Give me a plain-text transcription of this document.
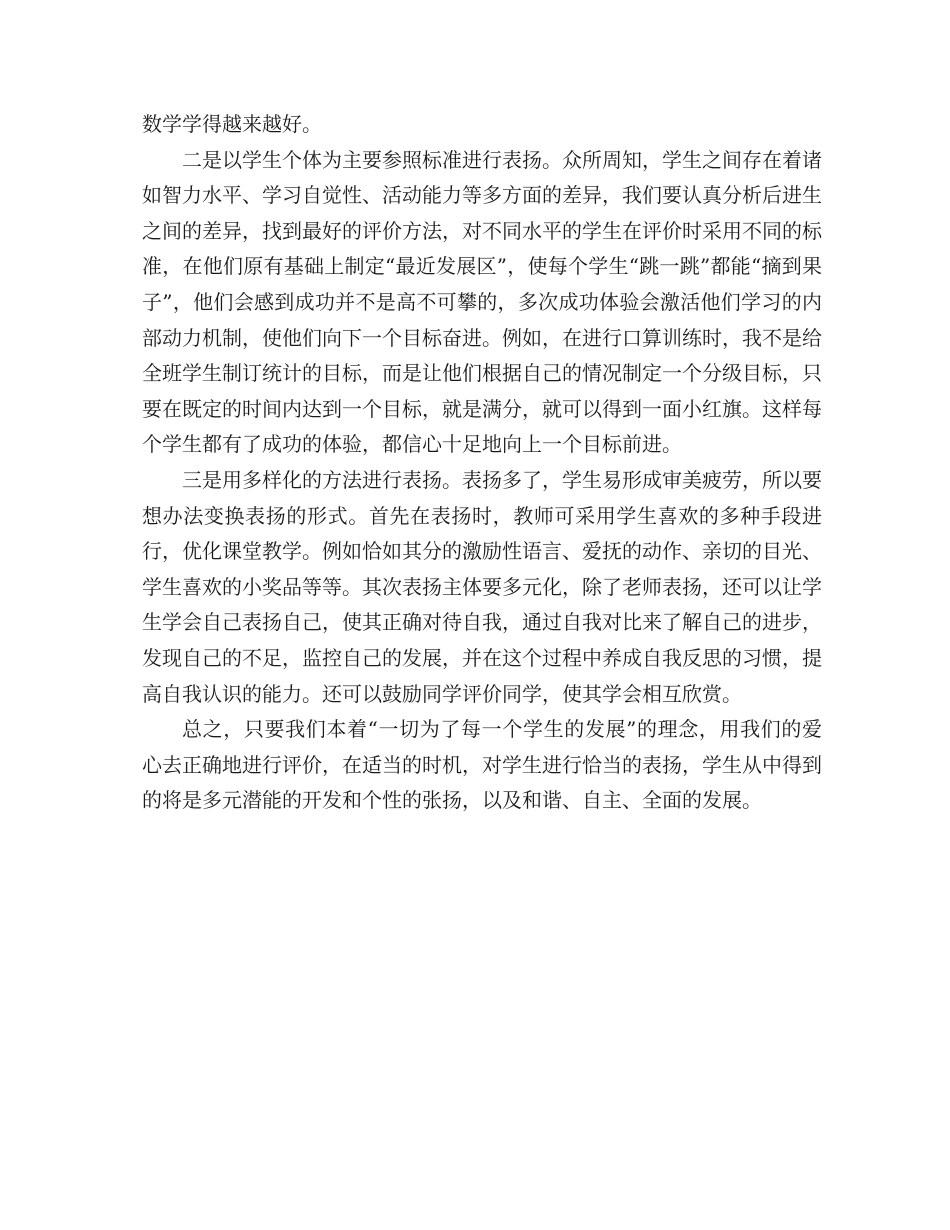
数学学得越来越好。

二是以学生个体为主要参照标准进行表扬。众所周知，学生之间存在着诸如智力水平、学习自觉性、活动能力等多方面的差异，我们要认真分析后进生之间的差异，找到最好的评价方法，对不同水平的学生在评价时采用不同的标准，在他们原有基础上制定“最近发展区”，使每个学生“跳一跳”都能“摘到果子”，他们会感到成功并不是高不可攀的，多次成功体验会激活他们学习的内部动力机制，使他们向下一个目标奋进。例如，在进行口算训练时，我不是给全班学生制订统计的目标，而是让他们根据自己的情况制定一个分级目标，只要在既定的时间内达到一个目标，就是满分，就可以得到一面小红旗。这样每个学生都有了成功的体验，都信心十足地向上一个目标前进。

三是用多样化的方法进行表扬。表扬多了，学生易形成审美疲劳，所以要想办法变换表扬的形式。首先在表扬时，教师可采用学生喜欢的多种手段进行，优化课堂教学。例如恰如其分的激励性语言、爱抚的动作、亲切的目光、学生喜欢的小奖品等等。其次表扬主体要多元化，除了老师表扬，还可以让学生学会自己表扬自己，使其正确对待自我，通过自我对比来了解自己的进步，发现自己的不足，监控自己的发展，并在这个过程中养成自我反思的习惯，提高自我认识的能力。还可以鼓励同学评价同学，使其学会相互欣赏。

总之，只要我们本着“一切为了每一个学生的发展”的理念，用我们的爱心去正确地进行评价，在适当的时机，对学生进行恰当的表扬，学生从中得到的将是多元潜能的开发和个性的张扬，以及和谐、自主、全面的发展。
